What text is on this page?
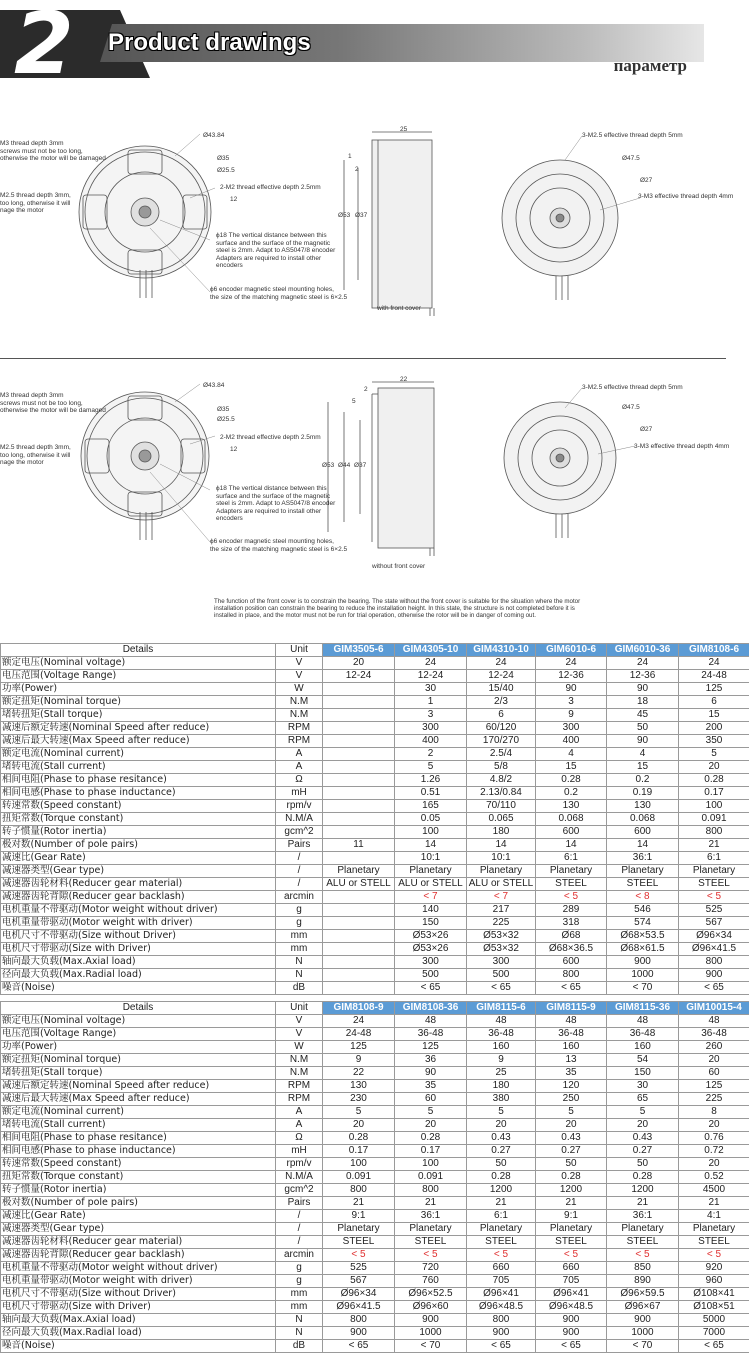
2 Product drawings
параметр
Ø43.84
Ø35
Ø25.5
M3 thread depth 3mm
screws must not be too long,
otherwise the motor will be damaged
M2.5 thread depth 3mm,
too long, otherwise it will
nage the motor
2-M2 thread effective depth 2.5mm
12
ϕ18 The vertical distance between this
surface and the surface of the magnetic
steel is 2mm. Adapt to AS5047/8 encoder
Adapters are required to install other
encoders
ϕ6 encoder magnetic steel mounting holes,
the size of the matching magnetic steel is 6×2.5
25
1
2
Ø53 Ø37
with front cover
3-M2.5 effective thread depth 5mm
Ø47.5
Ø27
3-M3 effective thread depth 4mm
Ø43.84
Ø35
Ø25.5
M3 thread depth 3mm
screws must not be too long,
otherwise the motor will be damaged
M2.5 thread depth 3mm,
too long, otherwise it will
nage the motor
2-M2 thread effective depth 2.5mm
12
ϕ18 The vertical distance between this
surface and the surface of the magnetic
steel is 2mm. Adapt to AS5047/8 encoder
Adapters are required to install other
encoders
ϕ6 encoder magnetic steel mounting holes,
the size of the matching magnetic steel is 6×2.5
22
2
5
Ø53 Ø44 Ø37
without front cover
3-M2.5 effective thread depth 5mm
Ø47.5
Ø27
3-M3 effective thread depth 4mm
The function of the front cover is to constrain the bearing. The state without the front cover is suitable for the situation where the motor installation position can constrain the bearing to reduce the installation height. In this state, the structure is not completed before it is installed in place, and the motor must not be run for trial operation, otherwise the rotor will be in danger of coming out.
Details	Unit	GIM3505-6	GIM4305-10	GIM4310-10	GIM6010-6	GIM6010-36	GIM8108-6
额定电压(Nominal voltage)	V	20	24	24	24	24	24
电压范围(Voltage Range)	V	12-24	12-24	12-24	12-36	12-36	24-48
功率(Power)	W		30	15/40	90	90	125
额定扭矩(Nominal torque)	N.M		1	2/3	3	18	6
堵转扭矩(Stall torque)	N.M		3	6	9	45	15
减速后额定转速(Nominal Speed after reduce)	RPM		300	60/120	300	50	200
减速后最大转速(Max Speed after reduce)	RPM		400	170/270	400	90	350
额定电流(Nominal current)	A		2	2.5/4	4	4	5
堵转电流(Stall current)	A		5	5/8	15	15	20
相间电阻(Phase to phase resitance)	Ω		1.26	4.8/2	0.28	0.2	0.28
相间电感(Phase to phase inductance)	mH		0.51	2.13/0.84	0.2	0.19	0.17
转速常数(Speed constant)	rpm/v		165	70/110	130	130	100
扭矩常数(Torque constant)	N.M/A		0.05	0.065	0.068	0.068	0.091
转子惯量(Rotor inertia)	gcm^2		100	180	600	600	800
极对数(Number of pole pairs)	Pairs	11	14	14	14	14	21
减速比(Gear Rate)	/		10:1	10:1	6:1	36:1	6:1
减速器类型(Gear type)	/	Planetary	Planetary	Planetary	Planetary	Planetary	Planetary
减速器齿轮材料(Reducer gear material)	/	ALU or STELL	ALU or STELL	ALU or STELL	STEEL	STEEL	STEEL
减速器齿轮背隙(Reducer gear backlash)	arcmin		< 7	< 7	< 5	< 8	< 5
电机重量不带驱动(Motor weight without driver)	g		140	217	289	546	525
电机重量带驱动(Motor weight with driver)	g		150	225	318	574	567
电机尺寸不带驱动(Size without Driver)	mm		Ø53×26	Ø53×32	Ø68	Ø68×53.5	Ø96×34
电机尺寸带驱动(Size with Driver)	mm		Ø53×26	Ø53×32	Ø68×36.5	Ø68×61.5	Ø96×41.5
轴向最大负载(Max.Axial load)	N		300	300	600	900	800
径向最大负载(Max.Radial load)	N		500	500	800	1000	900
噪音(Noise)	dB		< 65	< 65	< 65	< 70	< 65
Details	Unit	GIM8108-9	GIM8108-36	GIM8115-6	GIM8115-9	GIM8115-36	GIM10015-4
额定电压(Nominal voltage)	V	24	48	48	48	48	48
电压范围(Voltage Range)	V	24-48	36-48	36-48	36-48	36-48	36-48
功率(Power)	W	125	125	160	160	160	260
额定扭矩(Nominal torque)	N.M	9	36	9	13	54	20
堵转扭矩(Stall torque)	N.M	22	90	25	35	150	60
减速后额定转速(Nominal Speed after reduce)	RPM	130	35	180	120	30	125
减速后最大转速(Max Speed after reduce)	RPM	230	60	380	250	65	225
额定电流(Nominal current)	A	5	5	5	5	5	8
堵转电流(Stall current)	A	20	20	20	20	20	20
相间电阻(Phase to phase resitance)	Ω	0.28	0.28	0.43	0.43	0.43	0.76
相间电感(Phase to phase inductance)	mH	0.17	0.17	0.27	0.27	0.27	0.72
转速常数(Speed constant)	rpm/v	100	100	50	50	50	20
扭矩常数(Torque constant)	N.M/A	0.091	0.091	0.28	0.28	0.28	0.52
转子惯量(Rotor inertia)	gcm^2	800	800	1200	1200	1200	4500
极对数(Number of pole pairs)	Pairs	21	21	21	21	21	21
减速比(Gear Rate)	/	9:1	36:1	6:1	9:1	36:1	4:1
减速器类型(Gear type)	/	Planetary	Planetary	Planetary	Planetary	Planetary	Planetary
减速器齿轮材料(Reducer gear material)	/	STEEL	STEEL	STEEL	STEEL	STEEL	STEEL
减速器齿轮背隙(Reducer gear backlash)	arcmin	< 5	< 5	< 5	< 5	< 5	< 5
电机重量不带驱动(Motor weight without driver)	g	525	720	660	660	850	920
电机重量带驱动(Motor weight with driver)	g	567	760	705	705	890	960
电机尺寸不带驱动(Size without Driver)	mm	Ø96×34	Ø96×52.5	Ø96×41	Ø96×41	Ø96×59.5	Ø108×41
电机尺寸带驱动(Size with Driver)	mm	Ø96×41.5	Ø96×60	Ø96×48.5	Ø96×48.5	Ø96×67	Ø108×51
轴向最大负载(Max.Axial load)	N	800	900	800	900	900	5000
径向最大负载(Max.Radial load)	N	900	1000	900	900	1000	7000
噪音(Noise)	dB	< 65	< 70	< 65	< 65	< 70	< 65
